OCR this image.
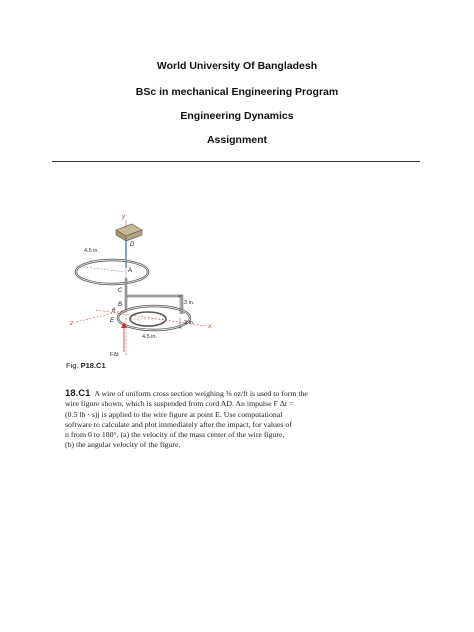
World University Of Bangladesh
BSc in mechanical Engineering Program
Engineering Dynamics
Assignment
4.5 in.
3 in.
3 in.
4.5 in.
FΔt
D
A
C
B
E
θ
y
x
z
Fig. P18.C1
18.C1 A wire of uniform cross section weighing ⅝ oz/ft is used to form the
wire figure shown, which is suspended from cord AD. An impulse F Δt =
(0.5 lb · s)j is applied to the wire figure at point E. Use computational
software to calculate and plot immediately after the impact, for values of
u from 0 to 180°, (a) the velocity of the mass center of the wire figure,
(b) the angular velocity of the figure.
